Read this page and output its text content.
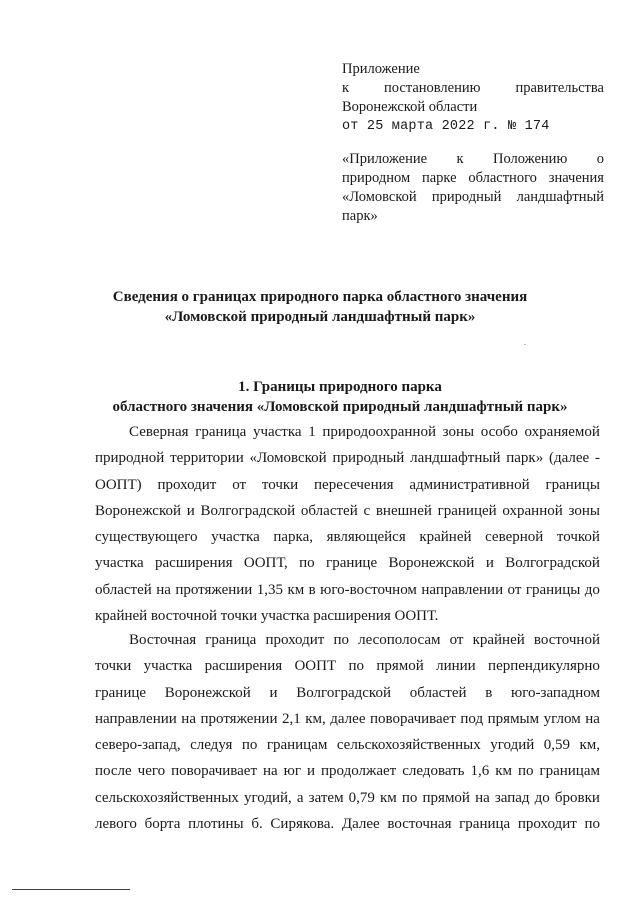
Приложение
к постановлению правительства
Воронежской области
от 25 марта 2022 г. № 174
«Приложение к Положению о
природном парке областного значения
«Ломовской природный ландшафтный
парк»
Сведения о границах природного парка областного значения
«Ломовской природный ландшафтный парк»
1. Границы природного парка
областного значения «Ломовской природный ландшафтный парк»
Северная граница участка 1 природоохранной зоны особо охраняемой
природной территории «Ломовской природный ландшафтный парк» (далее -
ООПТ) проходит от точки пересечения административной границы
Воронежской и Волгоградской областей с внешней границей охранной зоны
существующего участка парка, являющейся крайней северной точкой
участка расширения ООПТ, по границе Воронежской и Волгоградской
областей на протяжении 1,35 км в юго-восточном направлении от границы до
крайней восточной точки участка расширения ООПТ.
Восточная граница проходит по лесополосам от крайней восточной
точки участка расширения ООПТ по прямой линии перпендикулярно
границе Воронежской и Волгоградской областей в юго-западном
направлении на протяжении 2,1 км, далее поворачивает под прямым углом на
северо-запад, следуя по границам сельскохозяйственных угодий 0,59 км,
после чего поворачивает на юг и продолжает следовать 1,6 км по границам
сельскохозяйственных угодий, а затем 0,79 км по прямой на запад до бровки
левого борта плотины б. Сирякова. Далее восточная граница проходит по
